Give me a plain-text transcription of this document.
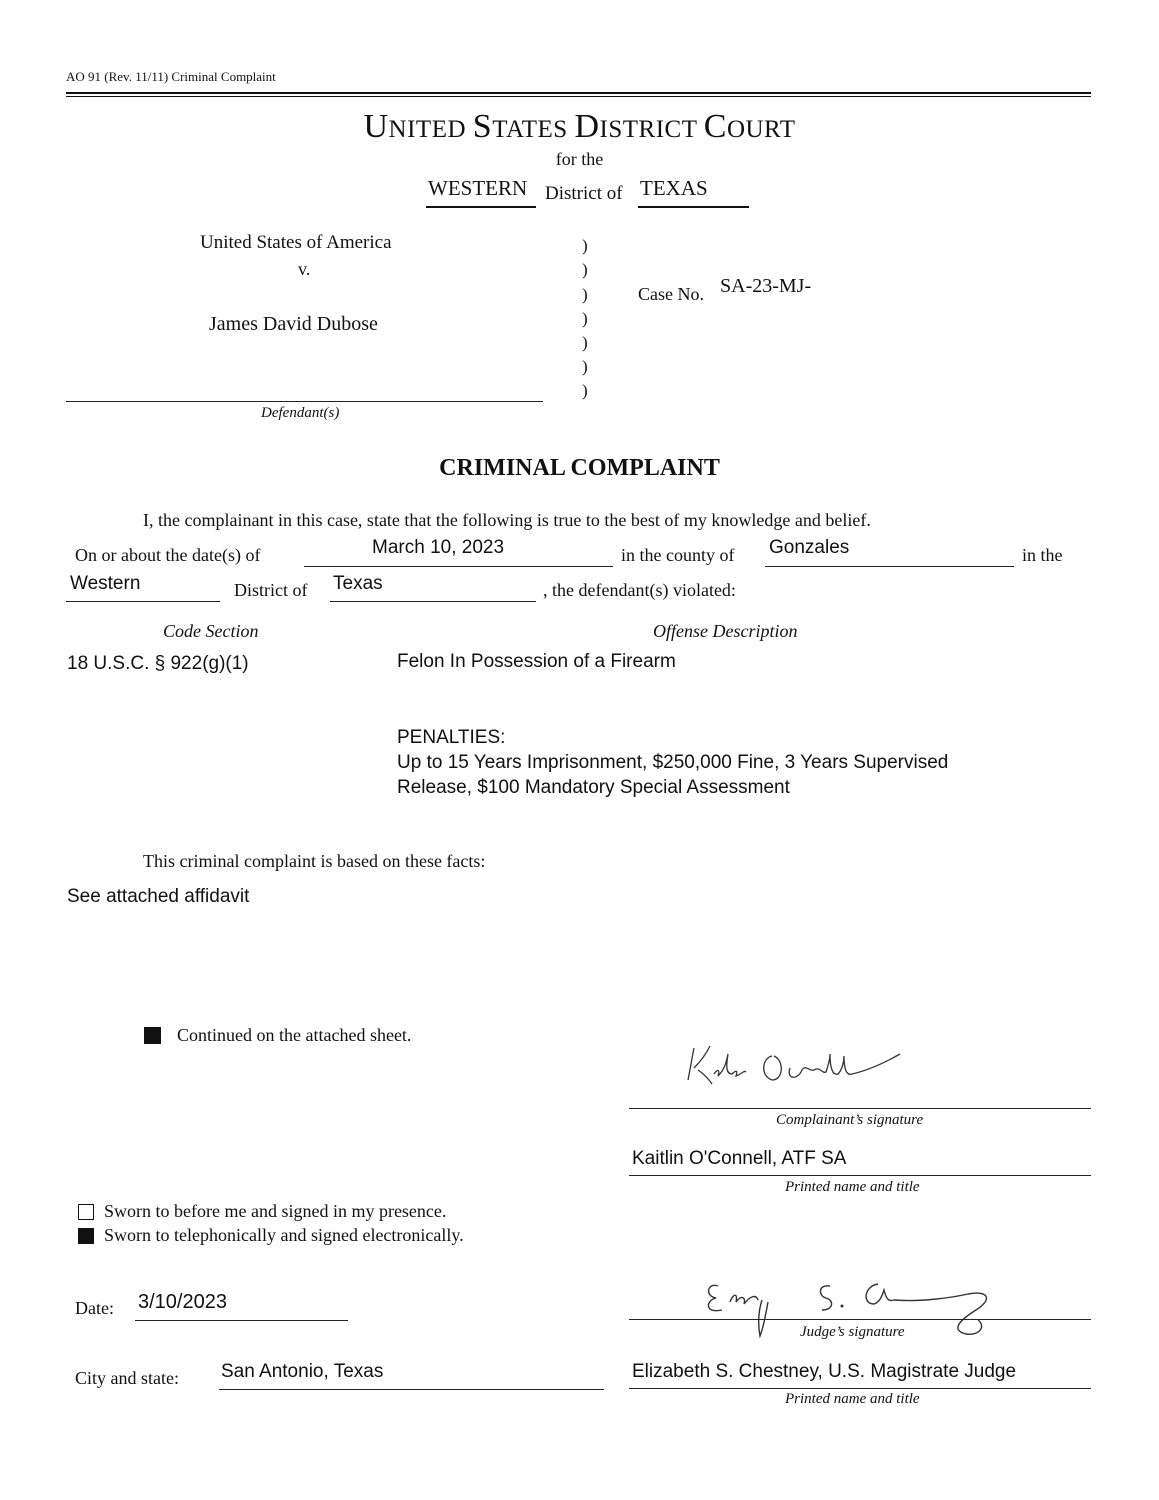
AO 91 (Rev. 11/11) Criminal Complaint
UNITED STATES DISTRICT COURT
for the
WESTERN District of TEXAS
United States of America
v.
James David Dubose
Defendant(s)
)
)
)
)
)
)
)
Case No. SA-23-MJ-
CRIMINAL COMPLAINT
I, the complainant in this case, state that the following is true to the best of my knowledge and belief.
On or about the date(s) of	March 10, 2023	in the county of Gonzales	in the
Western	District of Texas	, the defendant(s) violated:
Code Section	Offense Description
18 U.S.C. § 922(g)(1)	Felon In Possession of a Firearm
PENALTIES:
Up to 15 Years Imprisonment, $250,000 Fine, 3 Years Supervised
Release, $100 Mandatory Special Assessment
This criminal complaint is based on these facts:
See attached affidavit
Continued on the attached sheet.
Complainant’s signature
Kaitlin O'Connell, ATF SA
Printed name and title
Sworn to before me and signed in my presence.
Sworn to telephonically and signed electronically.
Date: 3/10/2023
Judge’s signature
City and state: San Antonio, Texas	Elizabeth S. Chestney, U.S. Magistrate Judge
Printed name and title
